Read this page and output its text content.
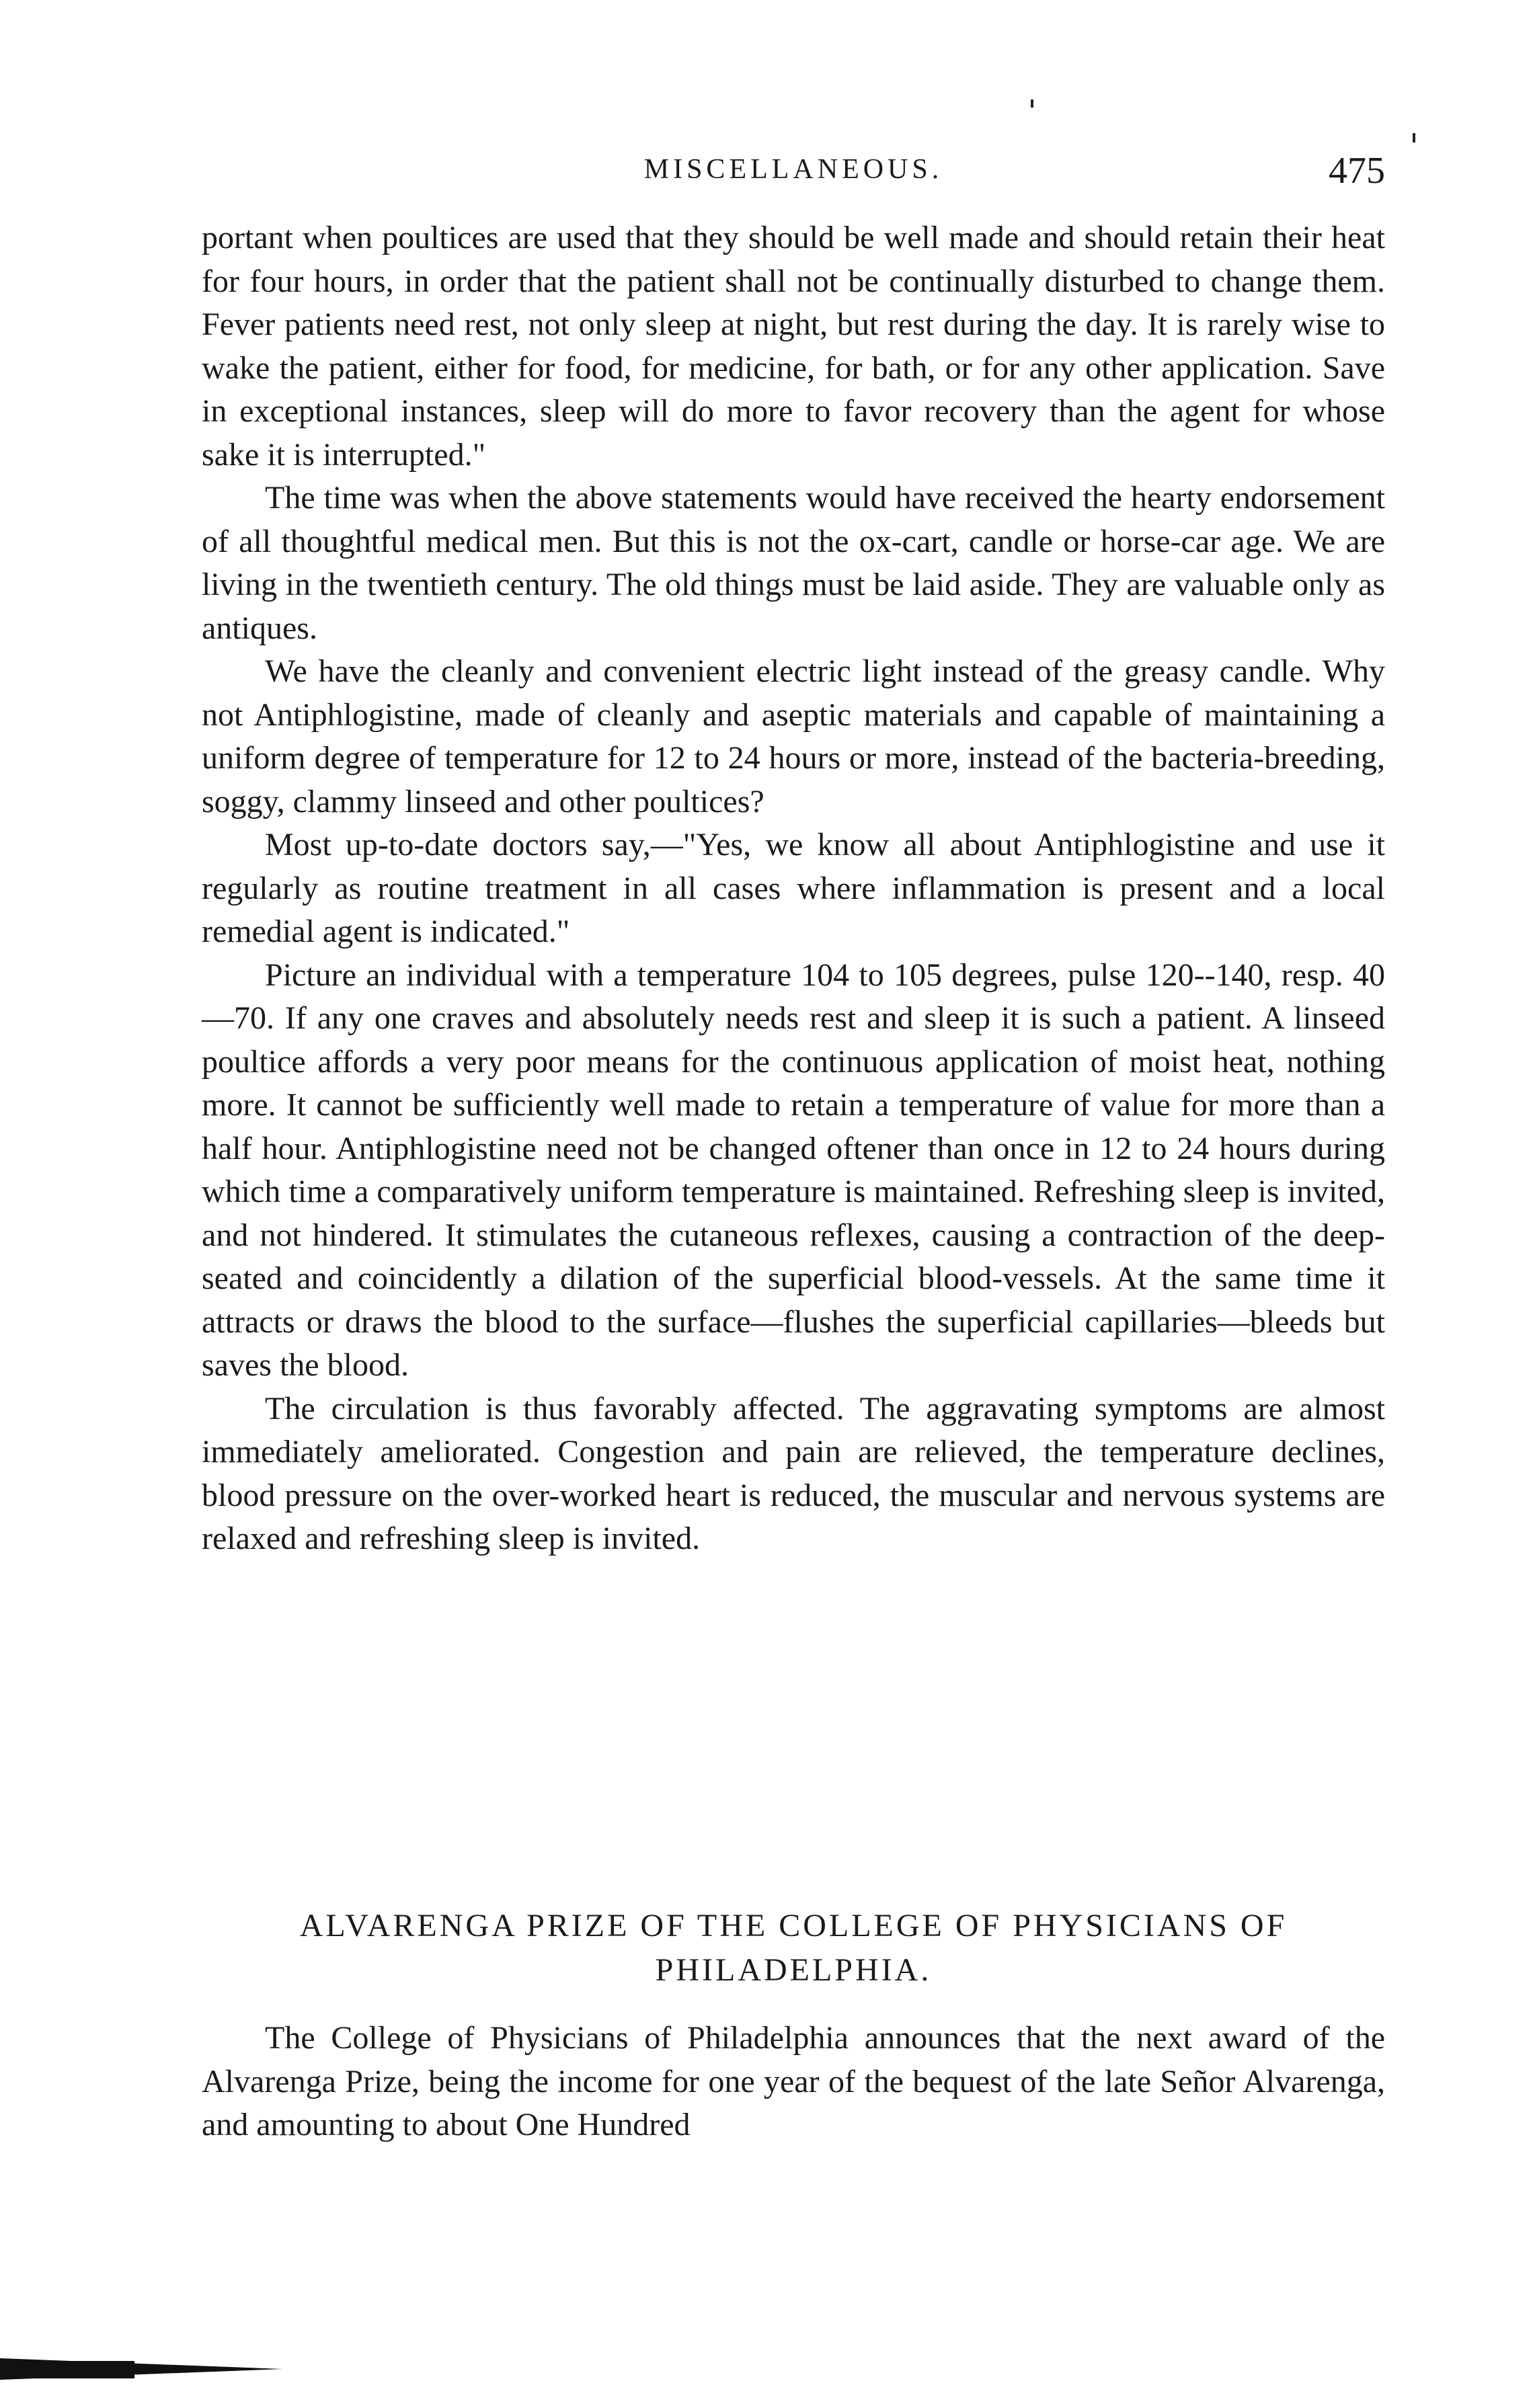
MISCELLANEOUS.	475

portant when poultices are used that they should be well made and should retain their heat for four hours, in order that the patient shall not be continually disturbed to change them. Fever patients need rest, not only sleep at night, but rest during the day. It is rarely wise to wake the patient, either for food, for medicine, for bath, or for any other application. Save in exceptional instances, sleep will do more to favor recovery than the agent for whose sake it is interrupted."

The time was when the above statements would have received the hearty endorsement of all thoughtful medical men. But this is not the ox-cart, candle or horse-car age. We are living in the twentieth century. The old things must be laid aside. They are valuable only as antiques.

We have the cleanly and convenient electric light instead of the greasy candle. Why not Antiphlogistine, made of cleanly and aseptic materials and capable of maintaining a uniform degree of temperature for 12 to 24 hours or more, instead of the bacteria-breeding, soggy, clammy linseed and other poultices?

Most up-to-date doctors say,—"Yes, we know all about Antiphlogistine and use it regularly as routine treatment in all cases where inflammation is present and a local remedial agent is indicated."

Picture an individual with a temperature 104 to 105 degrees, pulse 120--140, resp. 40—70. If any one craves and absolutely needs rest and sleep it is such a patient. A linseed poultice affords a very poor means for the continuous application of moist heat, nothing more. It cannot be sufficiently well made to retain a temperature of value for more than a half hour. Antiphlogistine need not be changed oftener than once in 12 to 24 hours during which time a comparatively uniform temperature is maintained. Refreshing sleep is invited, and not hindered. It stimulates the cutaneous reflexes, causing a contraction of the deep-seated and coincidently a dilation of the superficial blood-vessels. At the same time it attracts or draws the blood to the surface—flushes the superficial capillaries—bleeds but saves the blood.

The circulation is thus favorably affected. The aggravating symptoms are almost immediately ameliorated. Congestion and pain are relieved, the temperature declines, blood pressure on the over-worked heart is reduced, the muscular and nervous systems are relaxed and refreshing sleep is invited.

ALVARENGA PRIZE OF THE COLLEGE OF PHYSICIANS OF
PHILADELPHIA.

The College of Physicians of Philadelphia announces that the next award of the Alvarenga Prize, being the income for one year of the bequest of the late Señor Alvarenga, and amounting to about One Hundred
